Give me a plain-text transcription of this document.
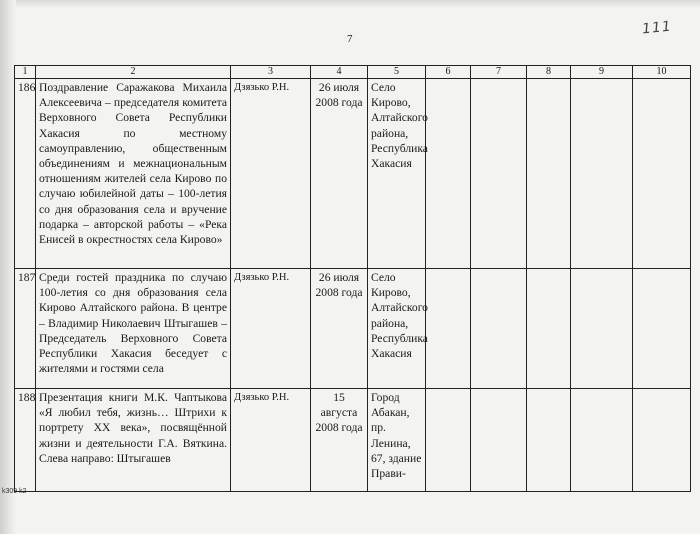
7
111
k309 k2
1	2	3	4	5	6	7	8	9	10
186	Поздравление Саражакова Михаила Алексеевича – председателя комитета Верховного Совета Республики Хакасия по местному самоуправлению, общественным объединениям и межнациональным отношениям жителей села Кирово по случаю юбилейной даты – 100-летия со дня образования села и вручение подарка – авторской работы – «Река Енисей в окрестностях села Кирово»	Дзязько Р.Н.	26 июля 2008 года	Село Кирово, Алтайского района, Республика Хакасия					
187	Среди гостей праздника по случаю 100-летия со дня образования села Кирово Алтайского района. В центре – Владимир Николаевич Штыгашев – Председатель Верховного Совета Республики Хакасия беседует с жителями и гостями села	Дзязько Р.Н.	26 июля 2008 года	Село Кирово, Алтайского района, Республика Хакасия					
188	Презентация книги М.К. Чаптыкова «Я любил тебя, жизнь… Штрихи к портрету ХХ века», посвящённой жизни и деятельности Г.А. Вяткина. Слева направо: Штыгашев	Дзязько Р.Н.	15 августа 2008 года	Город Абакан, пр. Ленина, 67, здание Прави-					
